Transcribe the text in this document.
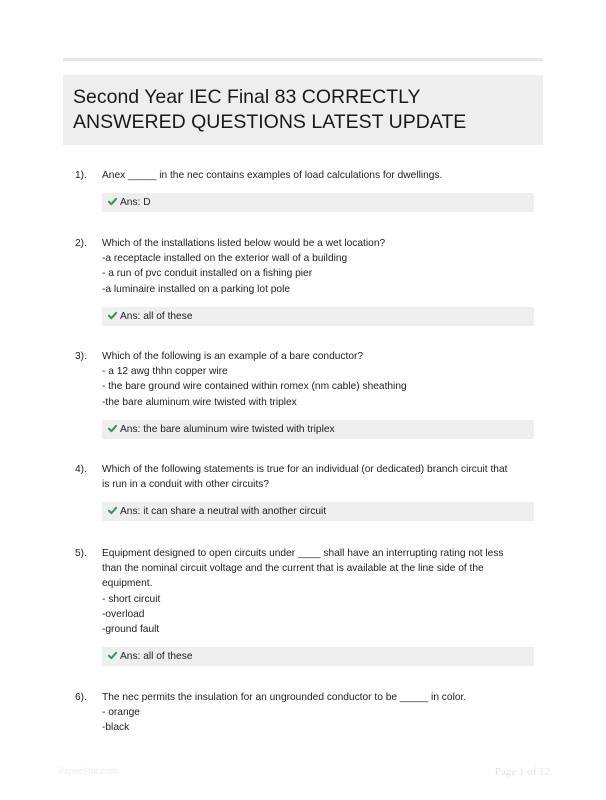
Second Year IEC Final 83 CORRECTLY
ANSWERED QUESTIONS LATEST UPDATE
1). Anex _____ in the nec contains examples of load calculations for dwellings.
Ans: D
2). Which of the installations listed below would be a wet location?
-a receptacle installed on the exterior wall of a building
- a run of pvc conduit installed on a fishing pier
-a luminaire installed on a parking lot pole
Ans: all of these
3). Which of the following is an example of a bare conductor?
- a 12 awg thhn copper wire
- the bare ground wire contained within romex (nm cable) sheathing
-the bare aluminum wire twisted with triplex
Ans: the bare aluminum wire twisted with triplex
4). Which of the following statements is true for an individual (or dedicated) branch circuit that
is run in a conduit with other circuits?
Ans: it can share a neutral with another circuit
5). Equipment designed to open circuits under ____ shall have an interrupting rating not less
than the nominal circuit voltage and the current that is available at the line side of the
equipment.
- short circuit
-overload
-ground fault
Ans: all of these
6). The nec permits the insulation for an ungrounded conductor to be _____ in color.
- orange
-black
PaperStar.com	Page 1 of 12
